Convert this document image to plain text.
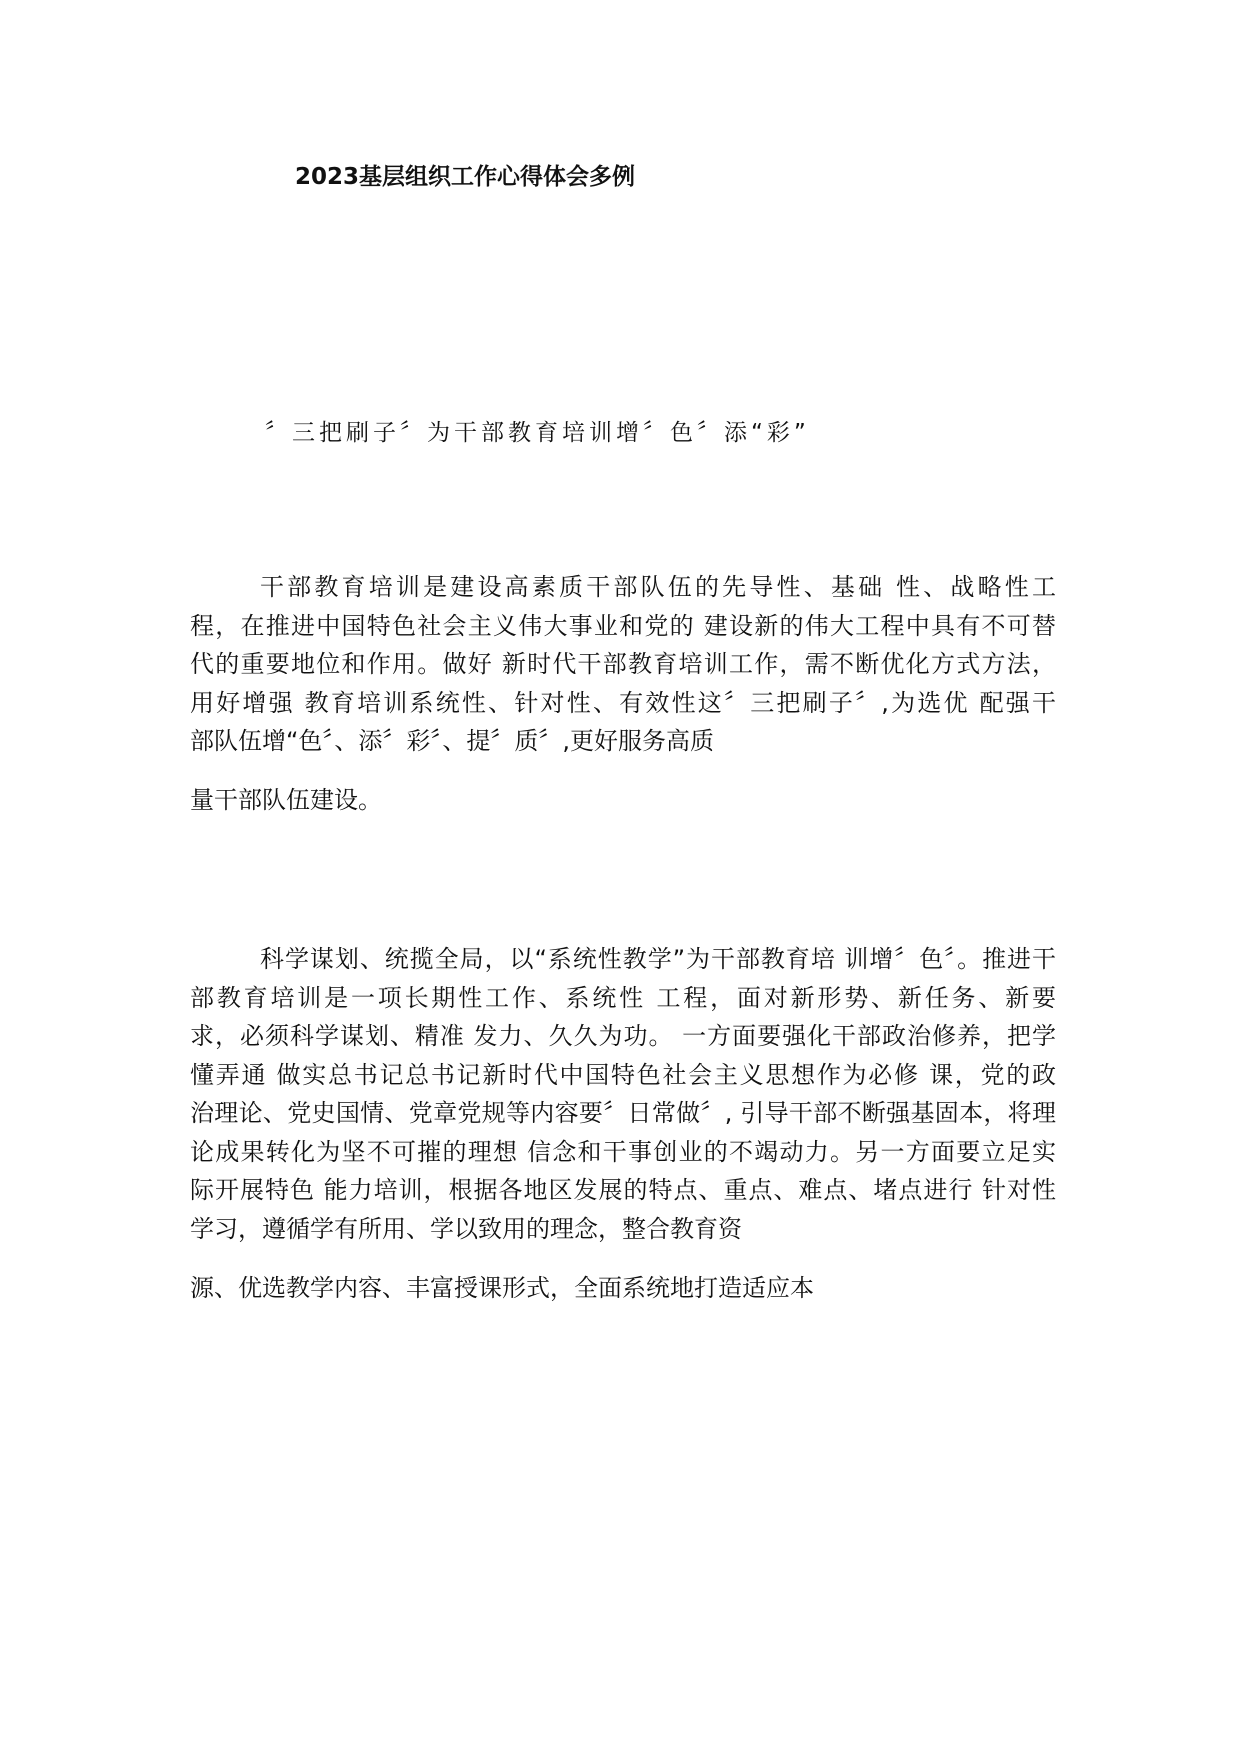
2023基层组织工作心得体会多例
〞三把刷子〞为干部教育培训增〞色〞添“彩”
干部教育培训是建设高素质干部队伍的先导性、基础 性、战略性工
程，在推进中国特色社会主义伟大事业和党的 建设新的伟大工程中具有不可替
代的重要地位和作用。做好 新时代干部教育培训工作，需不断优化方式方法，
用好增强 教育培训系统性、针对性、有效性这〞三把刷子〞,为选优 配强干
部队伍增“色〞、添〞彩〞、提〞质〞,更好服务高质
量干部队伍建设。
科学谋划、统揽全局，以“系统性教学”为干部教育培 训增〞色〞。推进干
部教育培训是一项长期性工作、系统性 工程，面对新形势、新任务、新要
求，必须科学谋划、精准 发力、久久为功。 一方面要强化干部政治修养，把学
懂弄通 做实总书记总书记新时代中国特色社会主义思想作为必修 课，党的政
治理论、党史国情、党章党规等内容要〞日常做〞, 引导干部不断强基固本，将理
论成果转化为坚不可摧的理想 信念和干事创业的不竭动力。另一方面要立足实
际开展特色 能力培训，根据各地区发展的特点、重点、难点、堵点进行 针对性
学习，遵循学有所用、学以致用的理念，整合教育资
源、优选教学内容、丰富授课形式，全面系统地打造适应本
